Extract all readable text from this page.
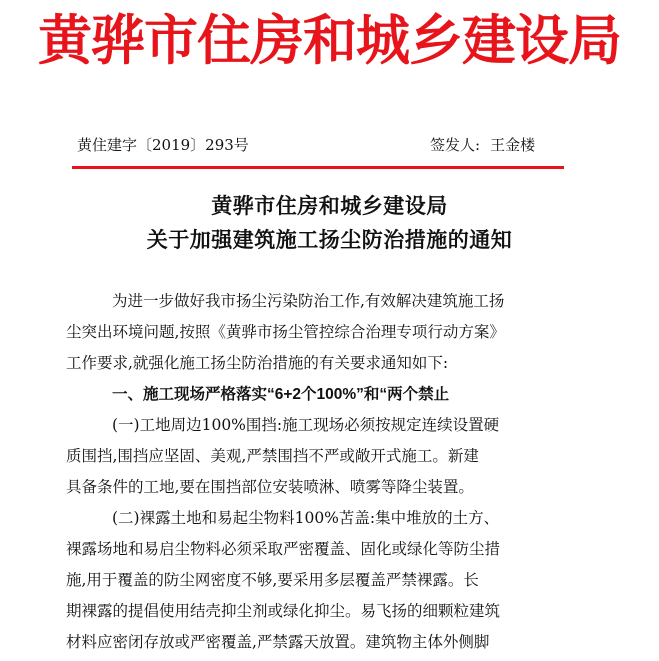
黄骅市住房和城乡建设局
黄住建字〔2019〕293号	签发人: 王金楼
黄骅市住房和城乡建设局
关于加强建筑施工扬尘防治措施的通知
为进一步做好我市扬尘污染防治工作,有效解决建筑施工扬
尘突出环境问题,按照《黄骅市扬尘管控综合治理专项行动方案》
工作要求,就强化施工扬尘防治措施的有关要求通知如下:
一、施工现场严格落实“6+2个100%”和“两个禁止
(一)工地周边100%围挡:施工现场必须按规定连续设置硬
质围挡,围挡应坚固、美观,严禁围挡不严或敞开式施工。新建
具备条件的工地,要在围挡部位安装喷淋、喷雾等降尘装置。
(二)裸露土地和易起尘物料100%苫盖:集中堆放的土方、
裸露场地和易启尘物料必须采取严密覆盖、固化或绿化等防尘措
施,用于覆盖的防尘网密度不够,要采用多层覆盖严禁裸露。长
期裸露的提倡使用结壳抑尘剂或绿化抑尘。易飞扬的细颗粒建筑
材料应密闭存放或严密覆盖,严禁露天放置。建筑物主体外侧脚
